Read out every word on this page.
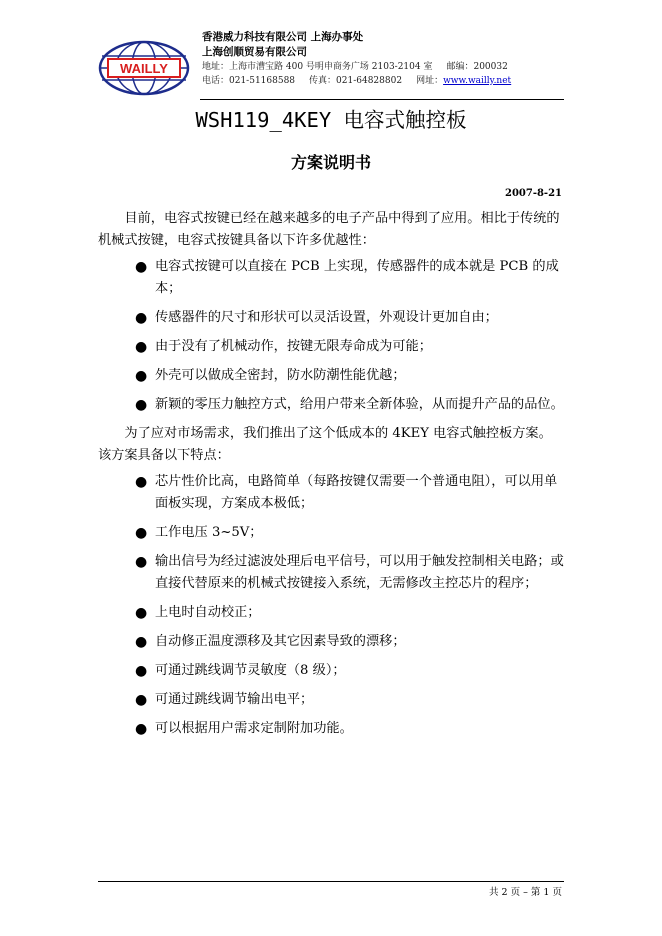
WAILLY
香港威力科技有限公司 上海办事处
上海创顺贸易有限公司
地址：上海市漕宝路 400 号明申商务广场 2103-2104 室 邮编：200032
电话：021-51168588 传真：021-64828802 网址：www.wailly.net
WSH119_4KEY 电容式触控板
方案说明书
2007-8-21

目前，电容式按键已经在越来越多的电子产品中得到了应用。相比于传统的机械式按键，电容式按键具备以下许多优越性：

● 电容式按键可以直接在 PCB 上实现，传感器件的成本就是 PCB 的成本；
● 传感器件的尺寸和形状可以灵活设置，外观设计更加自由；
● 由于没有了机械动作，按键无限寿命成为可能；
● 外壳可以做成全密封，防水防潮性能优越；
● 新颖的零压力触控方式，给用户带来全新体验，从而提升产品的品位。

为了应对市场需求，我们推出了这个低成本的 4KEY 电容式触控板方案。该方案具备以下特点：

● 芯片性价比高，电路简单（每路按键仅需要一个普通电阻），可以用单面板实现，方案成本极低；
● 工作电压 3~5V；
● 输出信号为经过滤波处理后电平信号，可以用于触发控制相关电路；或直接代替原来的机械式按键接入系统，无需修改主控芯片的程序；
● 上电时自动校正；
● 自动修正温度漂移及其它因素导致的漂移；
● 可通过跳线调节灵敏度（8 级）；
● 可通过跳线调节输出电平；
● 可以根据用户需求定制附加功能。
共 2 页 – 第 1 页
